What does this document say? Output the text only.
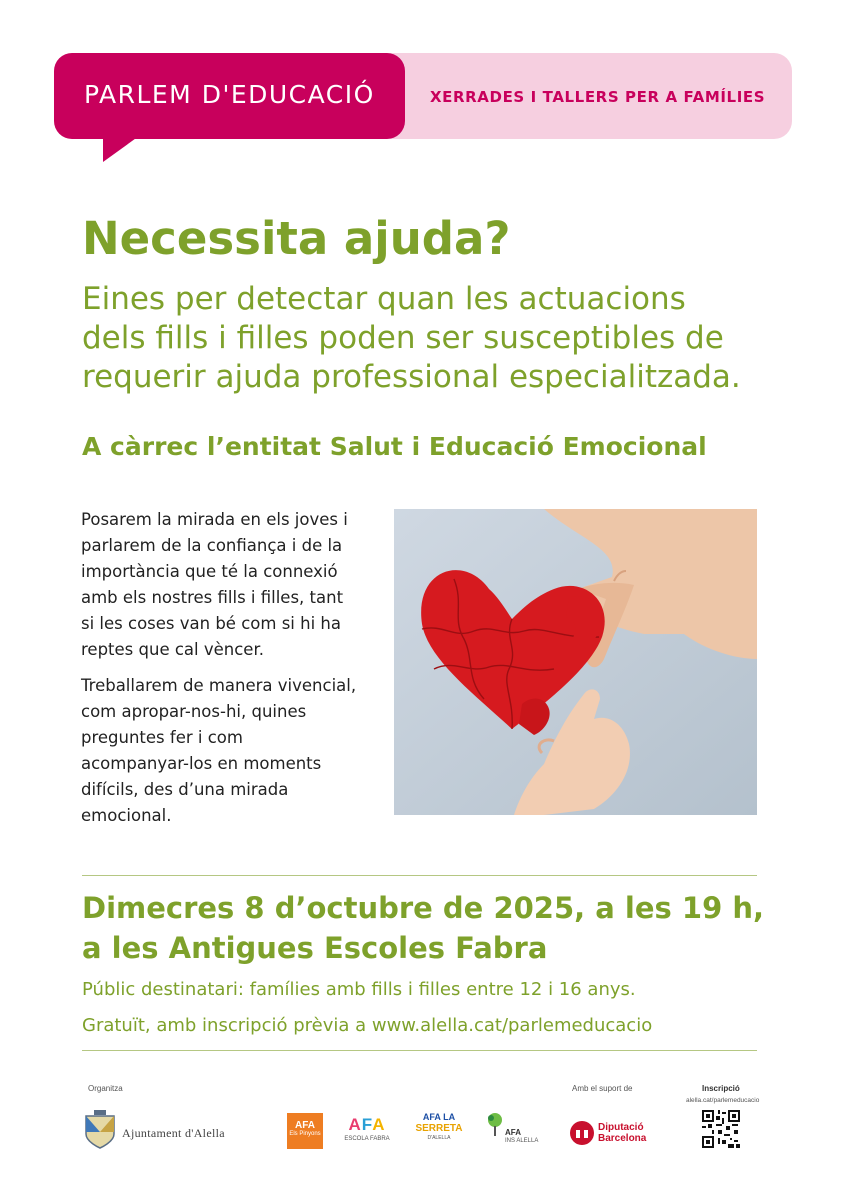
PARLEM D'EDUCACIÓ	XERRADES I TALLERS PER A FAMÍLIES

Necessita ajuda?
Eines per detectar quan les actuacions
dels fills i filles poden ser susceptibles de
requerir ajuda professional especialitzada.
A càrrec l’entitat Salut i Educació Emocional

Posarem la mirada en els joves i
parlarem de la confiança i de la
importància que té la connexió
amb els nostres fills i filles, tant
si les coses van bé com si hi ha
reptes que cal vèncer.

Treballarem de manera vivencial,
com apropar-nos-hi, quines
preguntes fer i com
acompanyar-los en moments
difícils, des d’una mirada
emocional.

Dimecres 8 d’octubre de 2025, a les 19 h,
a les Antigues Escoles Fabra

Públic destinatari: famílies amb fills i filles entre 12 i 16 anys.

Gratuït, amb inscripció prèvia a www.alella.cat/parlemeducacio

Organitza

Ajuntament d'Alella
AFA
Els Pinyons	AFA
ESCOLA FABRA
AFA LA
SERRETA
D'ALELLA
AFA
INS ALELLA

Amb el suport de

Diputació
Barcelona

Inscripció

alella.cat/parlemeducacio
